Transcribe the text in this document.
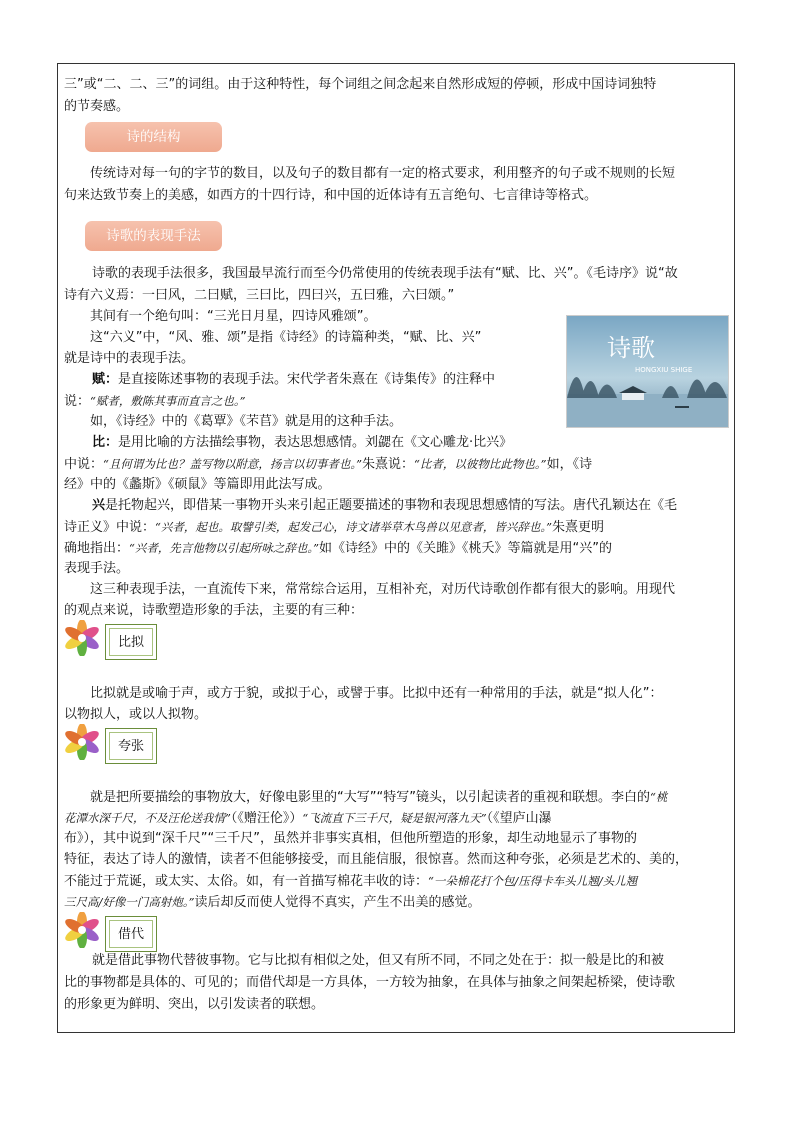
三”或“二、二、三”的词组。由于这种特性，每个词组之间念起来自然形成短的停顿，形成中国诗词独特

的节奏感。

诗的结构

传统诗对每一句的字节的数目，以及句子的数目都有一定的格式要求，利用整齐的句子或不规则的长短

句来达致节奏上的美感，如西方的十四行诗，和中国的近体诗有五言绝句、七言律诗等格式。

诗歌的表现手法

诗歌的表现手法很多，我国最早流行而至今仍常使用的传统表现手法有“赋、比、兴”。《毛诗序》说“故

诗有六义焉：一曰风，二曰赋，三曰比，四曰兴，五曰雅，六曰颂。”

其间有一个绝句叫：“三光日月星，四诗风雅颂”。

这“六义”中，“风、雅、颂”是指《诗经》的诗篇种类，“赋、比、兴”

就是诗中的表现手法。	诗歌
HONGXIU SHIGE

赋：是直接陈述事物的表现手法。宋代学者朱熹在《诗集传》的注释中

说：“赋者，敷陈其事而直言之也。”

如，《诗经》中的《葛覃》《芣苢》就是用的这种手法。

比：是用比喻的方法描绘事物，表达思想感情。刘勰在《文心雕龙·比兴》

中说：“且何谓为比也？盖写物以附意，扬言以切事者也。”朱熹说：“比者，以彼物比此物也。”如，《诗

经》中的《蠡斯》《硕鼠》等篇即用此法写成。

兴是托物起兴，即借某一事物开头来引起正题要描述的事物和表现思想感情的写法。唐代孔颖达在《毛

诗正义》中说：“兴者，起也。取譬引类，起发己心，诗文诸举草木鸟兽以见意者，皆兴辞也。”朱熹更明

确地指出：“兴者，先言他物以引起所咏之辞也。”如《诗经》中的《关雎》《桃夭》等篇就是用“兴”的

表现手法。

这三种表现手法，一直流传下来，常常综合运用，互相补充，对历代诗歌创作都有很大的影响。用现代

的观点来说，诗歌塑造形象的手法，主要的有三种：

比拟

比拟就是或喻于声，或方于貌，或拟于心，或譬于事。比拟中还有一种常用的手法，就是“拟人化”：

以物拟人，或以人拟物。

夸张

就是把所要描绘的事物放大，好像电影里的“大写”“特写”镜头，以引起读者的重视和联想。李白的“桃

花潭水深千尺，不及汪伦送我情”（《赠汪伦》）“飞流直下三千尺，疑是银河落九天”（《望庐山瀑

布》），其中说到“深千尺”“三千尺”，虽然并非事实真相，但他所塑造的形象，却生动地显示了事物的

特征，表达了诗人的激情，读者不但能够接受，而且能信服，很惊喜。然而这种夸张，必须是艺术的、美的，

不能过于荒诞，或太实、太俗。如，有一首描写棉花丰收的诗：“一朵棉花打个包/压得卡车头儿翘/头儿翘

三尺高/好像一门高射炮。”读后却反而使人觉得不真实，产生不出美的感觉。

借代

就是借此事物代替彼事物。它与比拟有相似之处，但又有所不同，不同之处在于：拟一般是比的和被

比的事物都是具体的、可见的；而借代却是一方具体，一方较为抽象，在具体与抽象之间架起桥梁，使诗歌

的形象更为鲜明、突出，以引发读者的联想。
